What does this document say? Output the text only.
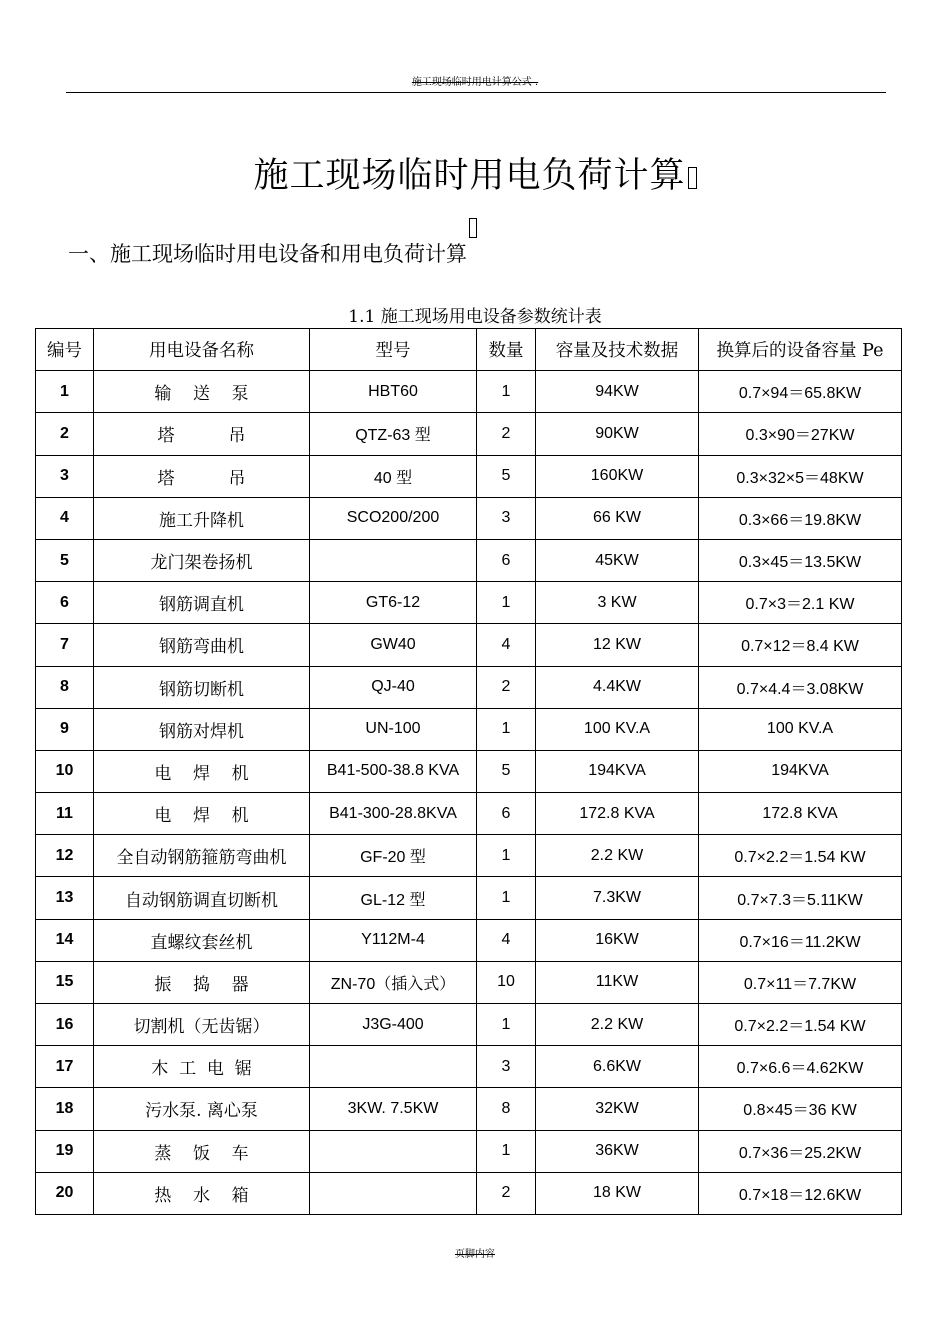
施工现场临时用电计算公式 .
施工现场临时用电负荷计算
一、施工现场临时用电设备和用电负荷计算
1.1 施工现场用电设备参数统计表
编号	用电设备名称	型号	数量	容量及技术数据	换算后的设备容量 Pe
1	输    送    泵	HBT60	1	94KW	0.7×94＝65.8KW
2	塔          吊	QTZ-63 型	2	90KW	0.3×90＝27KW
3	塔          吊	40 型	5	160KW	0.3×32×5＝48KW
4	施工升降机	SCO200/200	3	66 KW	0.3×66＝19.8KW
5	龙门架卷扬机		6	45KW	0.3×45＝13.5KW
6	钢筋调直机	GT6-12	1	3 KW	0.7×3＝2.1 KW
7	钢筋弯曲机	GW40	4	12 KW	0.7×12＝8.4 KW
8	钢筋切断机	QJ-40	2	4.4KW	0.7×4.4＝3.08KW
9	钢筋对焊机	UN-100	1	100 KV.A	100 KV.A
10	电    焊    机	B41-500-38.8 KVA	5	194KVA	194KVA
11	电    焊    机	B41-300-28.8KVA	6	172.8 KVA	172.8 KVA
12	全自动钢筋箍筋弯曲机	GF-20 型	1	2.2 KW	0.7×2.2＝1.54 KW
13	自动钢筋调直切断机	GL-12 型	1	7.3KW	0.7×7.3＝5.11KW
14	直螺纹套丝机	Y112M-4	4	16KW	0.7×16＝11.2KW
15	振    捣    器	ZN-70（插入式）	10	11KW	0.7×11＝7.7KW
16	切割机（无齿锯）	J3G-400	1	2.2 KW	0.7×2.2＝1.54 KW
17	木  工  电  锯		3	6.6KW	0.7×6.6＝4.62KW
18	污水泵. 离心泵	3KW. 7.5KW	8	32KW	0.8×45＝36 KW
19	蒸    饭    车		1	36KW	0.7×36＝25.2KW
20	热    水    箱		2	18 KW	0.7×18＝12.6KW
页脚内容
